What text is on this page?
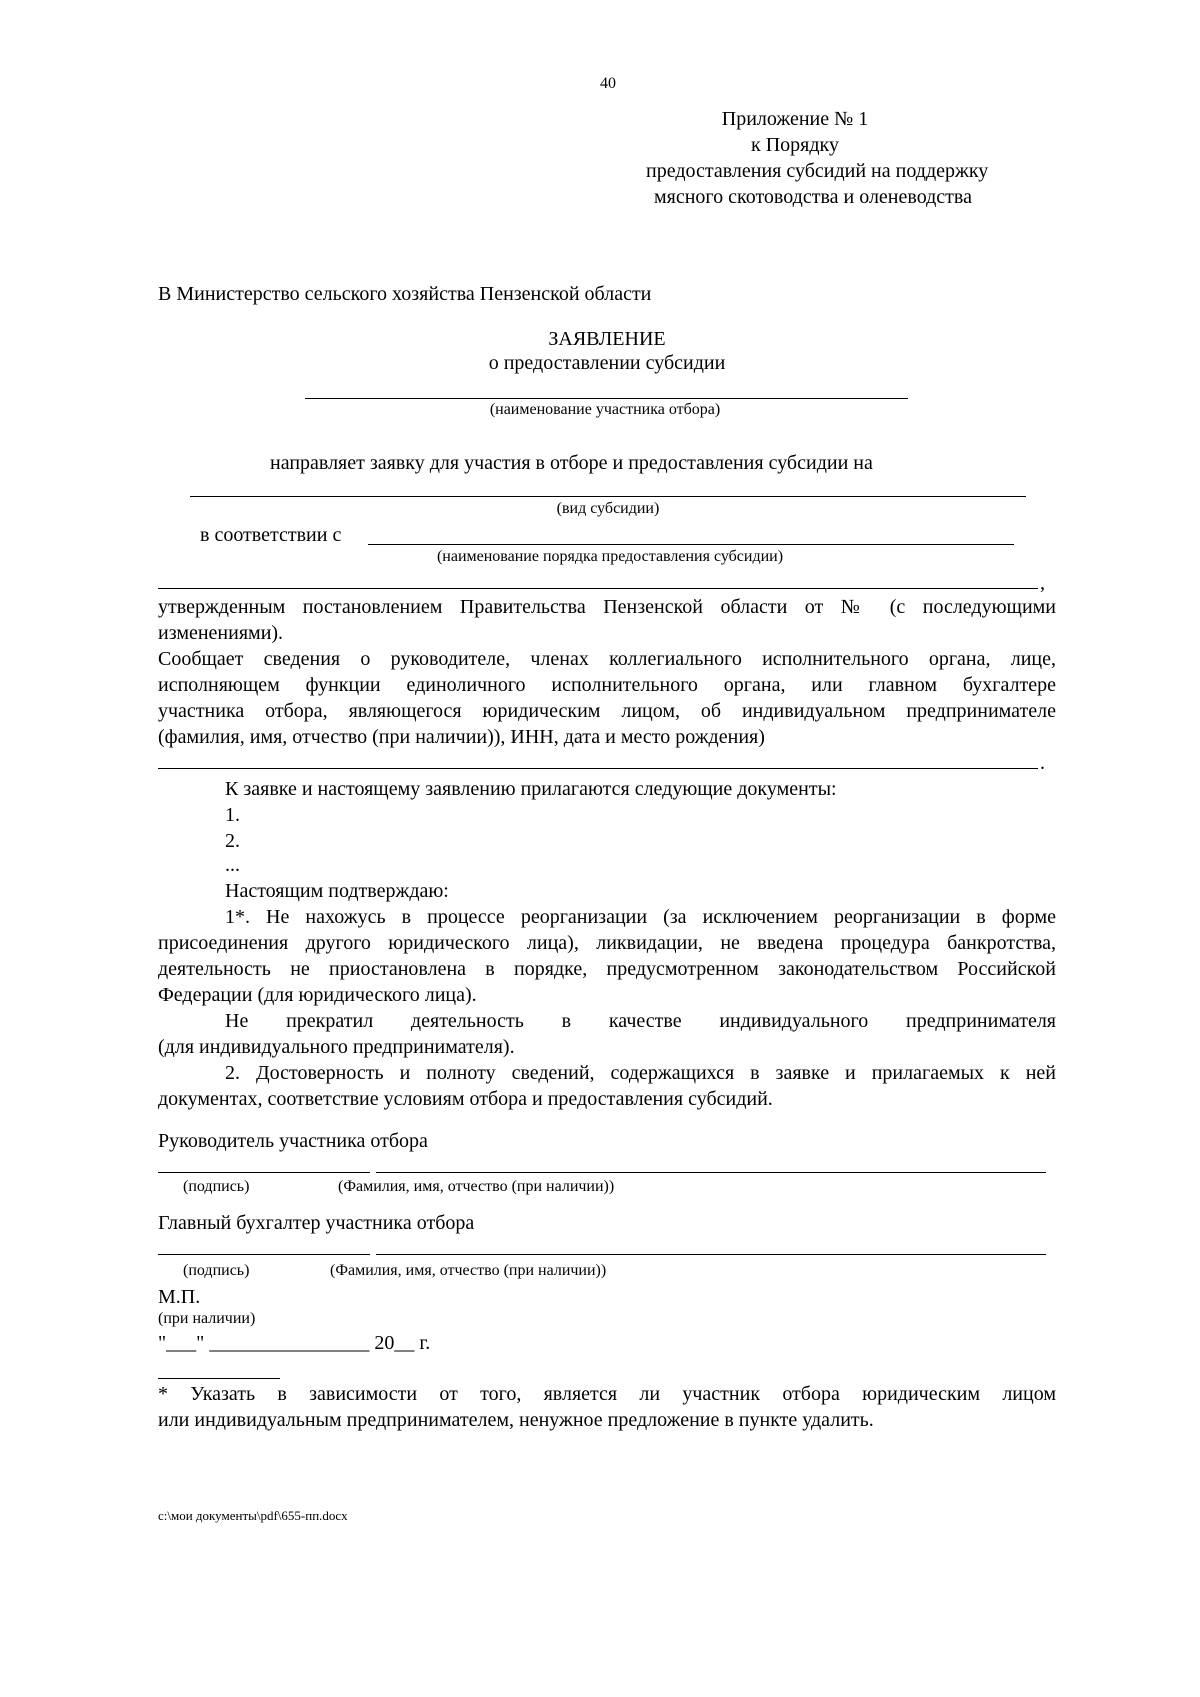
40
Приложение № 1
к Порядку
предоставления субсидий на поддержку
мясного скотоводства и оленеводства
В Министерство сельского хозяйства Пензенской области
ЗАЯВЛЕНИЕ
о предоставлении субсидии
(наименование участника отбора)
направляет заявку для участия в отборе и предоставления субсидии на
(вид субсидии)
в соответствии с
(наименование порядка предоставления субсидии)
,
утвержденным постановлением Правительства Пензенской области от № (с последующими
изменениями).
Сообщает сведения о руководителе, членах коллегиального исполнительного органа, лице,
исполняющем функции единоличного исполнительного органа, или главном бухгалтере
участника отбора, являющегося юридическим лицом, об индивидуальном предпринимателе
(фамилия, имя, отчество (при наличии)), ИНН, дата и место рождения)
.
К заявке и настоящему заявлению прилагаются следующие документы:
1.
2.
...
Настоящим подтверждаю:
1*. Не нахожусь в процессе реорганизации (за исключением реорганизации в форме
присоединения другого юридического лица), ликвидации, не введена процедура банкротства,
деятельность не приостановлена в порядке, предусмотренном законодательством Российской
Федерации (для юридического лица).
Не прекратил деятельность в качестве индивидуального предпринимателя
(для индивидуального предпринимателя).
2. Достоверность и полноту сведений, содержащихся в заявке и прилагаемых к ней
документах, соответствие условиям отбора и предоставления субсидий.
Руководитель участника отбора
(подпись)	(Фамилия, имя, отчество (при наличии))
Главный бухгалтер участника отбора
(подпись)	(Фамилия, имя, отчество (при наличии))
М.П.
(при наличии)
"___" ________________ 20__ г.
* Указать в зависимости от того, является ли участник отбора юридическим лицом
или индивидуальным предпринимателем, ненужное предложение в пункте удалить.
c:\мои документы\pdf\655-пп.docx
